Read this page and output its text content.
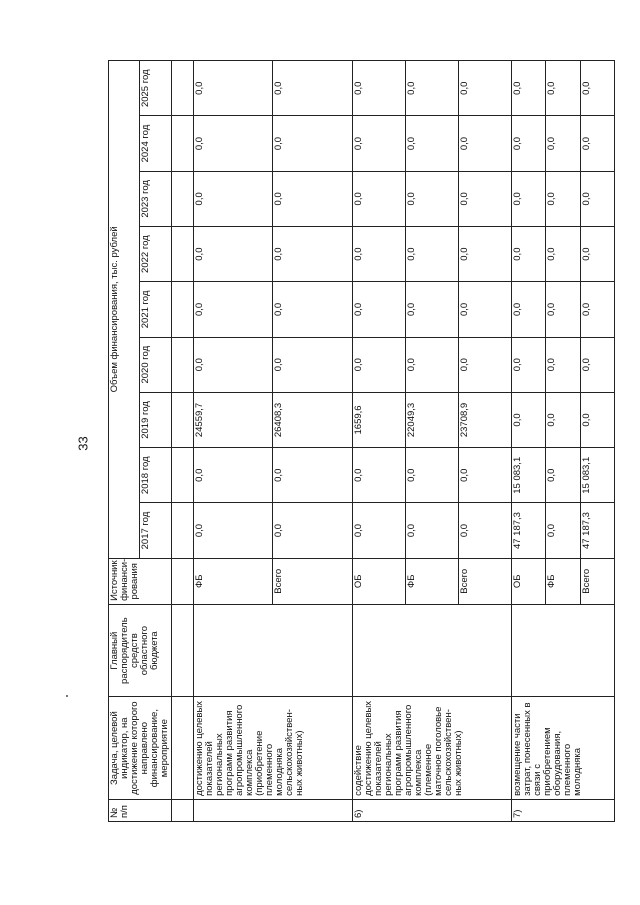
33
№ п/п	Задача, целевой индикатор, на достижение которого направлено финансирование, мероприятие	Главный распорядитель средств областного бюджета	Источник финанси-рования	Объем финансирования, тыс. рублей								
				2017 год	2018 год	2019 год	2020 год	2021 год	2022 год	2023 год	2024 год	2025 год

	достижению целевых показателей региональных программ развития агропромышленного комплекса (приобретение племенного молодняка сельскохозяйствен-ных животных)		ФБ	0,0	0,0	24559,7	0,0	0,0	0,0	0,0	0,0	0,0
			Всего	0,0	0,0	26408,3	0,0	0,0	0,0	0,0	0,0	0,0
6)	содействие достижению целевых показателей региональных программ развития агропромышленного комплекса (племенное маточное поголовье сельскохозяйствен-ных животных)		ОБ	0,0	0,0	1659,6	0,0	0,0	0,0	0,0	0,0	0,0
			ФБ	0,0	0,0	22049,3	0,0	0,0	0,0	0,0	0,0	0,0
			Всего	0,0	0,0	23708,9	0,0	0,0	0,0	0,0	0,0	0,0
7)	возмещение части затрат, понесенных в связи с приобретением оборудования, племенного молодняка		ОБ	47 187,3	15 083,1	0,0	0,0	0,0	0,0	0,0	0,0	0,0
			ФБ	0,0	0,0	0,0	0,0	0,0	0,0	0,0	0,0	0,0
			Всего	47 187,3	15 083,1	0,0	0,0	0,0	0,0	0,0	0,0	0,0
